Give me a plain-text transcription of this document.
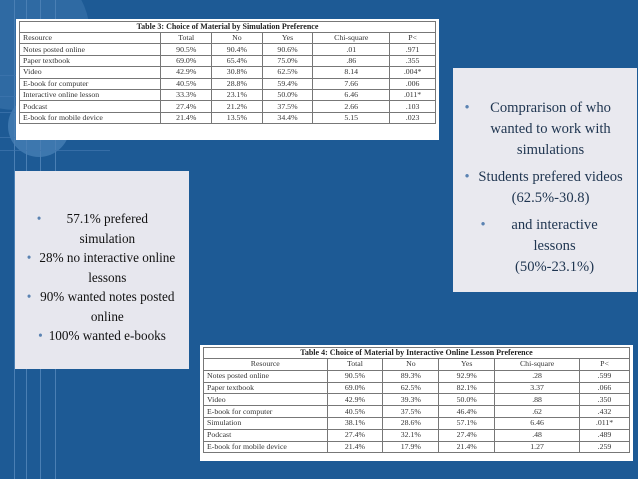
Table 3: Choice of Material by Simulation Preference
Resource	Total	No	Yes	Chi-square	P<
Notes posted online	90.5%	90.4%	90.6%	.01	.971
Paper textbook	69.0%	65.4%	75.0%	.86	.355
Video	42.9%	30.8%	62.5%	8.14	.004*
E-book for computer	40.5%	28.8%	59.4%	7.66	.006
Interactive online lesson	33.3%	23.1%	50.0%	6.46	.011*
Podcast	27.4%	21.2%	37.5%	2.66	.103
E-book for mobile device	21.4%	13.5%	34.4%	5.15	.023
•	57.1% prefered simulation
• 28% no interactive online lessons
• 90% wanted notes posted online
• 100% wanted e-books
•	Comprarison of who wanted to work with simulations
• Students prefered videos (62.5%-30.8)
•	and interactive lessons (50%-23.1%)
Table 4: Choice of Material by Interactive Online Lesson Preference
Resource	Total	No	Yes	Chi-square	P<
Notes posted online	90.5%	89.3%	92.9%	.28	.599
Paper textbook	69.0%	62.5%	82.1%	3.37	.066
Video	42.9%	39.3%	50.0%	.88	.350
E-book for computer	40.5%	37.5%	46.4%	.62	.432
Simulation	38.1%	28.6%	57.1%	6.46	.011*
Podcast	27.4%	32.1%	27.4%	.48	.489
E-book for mobile device	21.4%	17.9%	21.4%	1.27	.259
